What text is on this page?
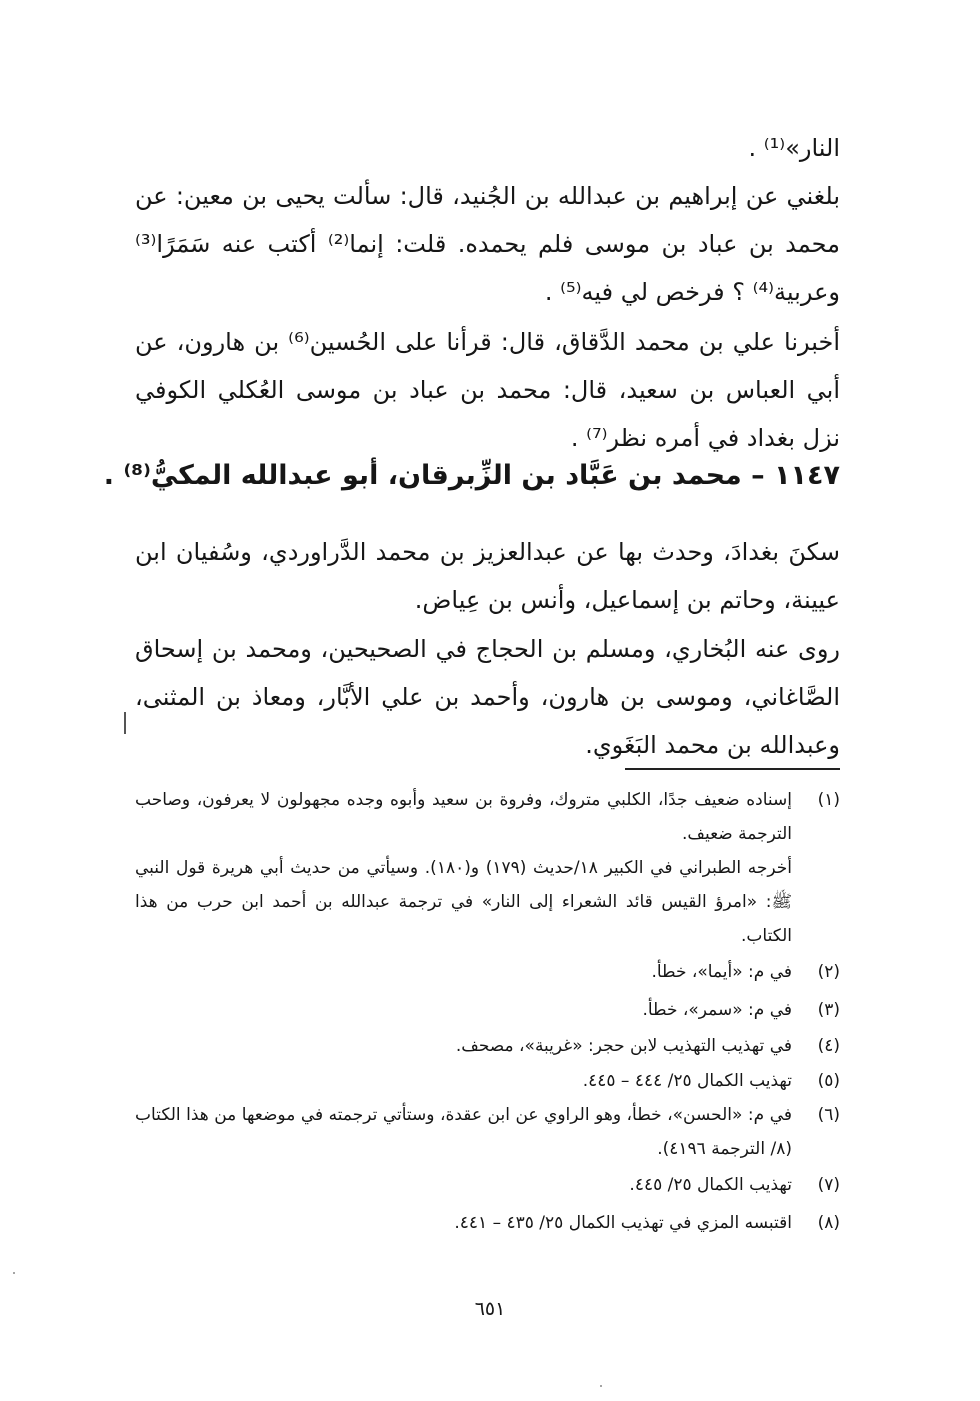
النار»⁽¹⁾ .
بلغني عن إبراهيم بن عبدالله بن الجُنيد، قال: سألت يحيى بن معين: عن محمد بن عباد بن موسى فلم يحمده. قلت: إنما⁽²⁾ أكتب عنه سَمَرًا⁽³⁾ وعربية⁽⁴⁾ ؟ فرخص لي فيه⁽⁵⁾ .
أخبرنا علي بن محمد الدَّقاق، قال: قرأنا على الحُسين⁽⁶⁾ بن هارون، عن أبي العباس بن سعيد، قال: محمد بن عباد بن موسى العُكلي الكوفي نزل بغداد في أمره نظر⁽⁷⁾ .
١١٤٧ – محمد بن عَبَّاد بن الزِّبرقان، أبو عبدالله المكيُّ⁽⁸⁾ .
سكنَ بغدادَ، وحدث بها عن عبدالعزيز بن محمد الدَّراوردي، وسُفيان ابن عيينة، وحاتم بن إسماعيل، وأنس بن عِياض.
روى عنه البُخاري، ومسلم بن الحجاج في الصحيحين، ومحمد بن إسحاق الصَّاغاني، وموسى بن هارون، وأحمد بن علي الأبَّار، ومعاذ بن المثنى، وعبدالله بن محمد البَغَوي.
(١)
إسناده ضعيف جدًا، الكلبي متروك، وفروة بن سعيد وأبوه وجده مجهولون لا يعرفون، وصاحب الترجمة ضعيف.
أخرجه الطبراني في الكبير ١٨/حديث (١٧٩) و(١٨٠). وسيأتي من حديث أبي هريرة قول النبي ﷺ: «امرؤ القيس قائد الشعراء إلى النار» في ترجمة عبدالله بن أحمد ابن حرب من هذا الكتاب.
(٢)
في م: «أيما»، خطأ.
(٣)
في م: «سمر»، خطأ.
(٤)
في تهذيب التهذيب لابن حجر: «غريبة»، مصحف.
(٥)
تهذيب الكمال ٢٥/ ٤٤٤ – ٤٤٥.
(٦)
في م: «الحسن»، خطأ، وهو الراوي عن ابن عقدة، وستأتي ترجمته في موضعها من هذا الكتاب (٨/ الترجمة ٤١٩٦).
(٧)
تهذيب الكمال ٢٥/ ٤٤٥.
(٨)
اقتبسه المزي في تهذيب الكمال ٢٥/ ٤٣٥ – ٤٤١.
٦٥١
